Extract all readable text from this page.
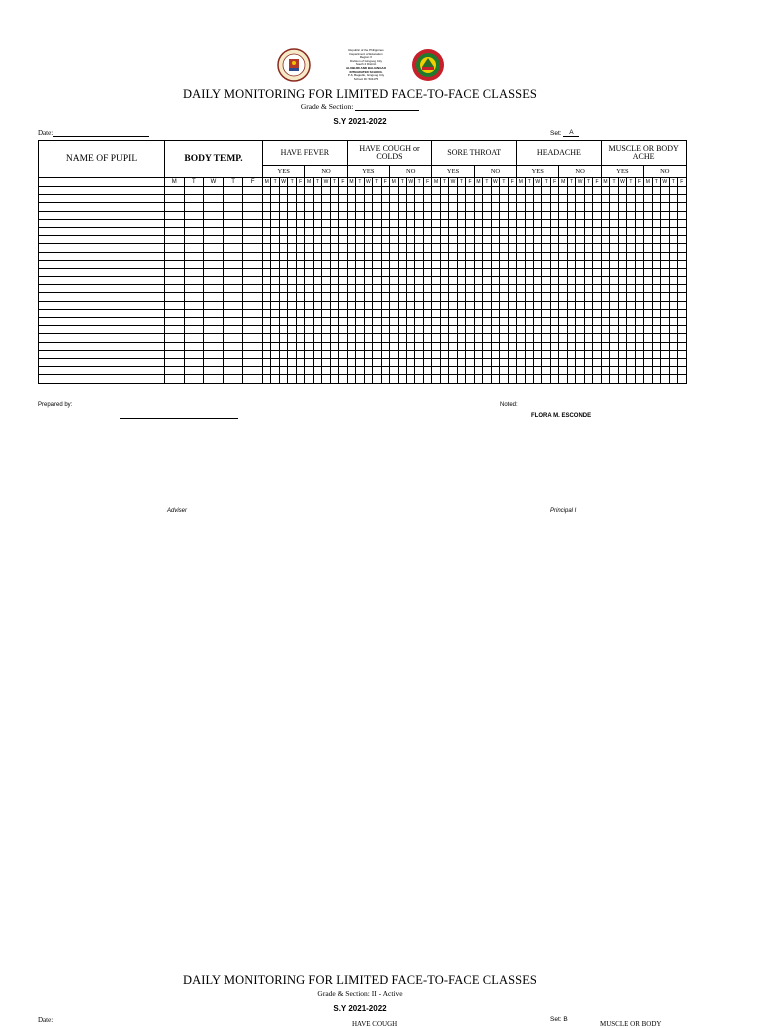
Republic of the Philippines
Department of Education
Region X
Division of Gingoog City
South 2 District
ALUBIJID AND BALIANGAO INTEGRATED SCHOOL
P-6, Bagudlo, Gingoog City
School ID: 501175
DAILY MONITORING FOR LIMITED FACE-TO-FACE CLASSES
Grade & Section:
S.Y 2021-2022
Date:	Set: A
NAME OF PUPIL	BODY TEMP.					HAVE FEVER										HAVE COUGH or COLDS										SORE THROAT										HEADACHE										MUSCLE OR BODY ACHE									
						YES					NO					YES					NO					YES					NO					YES					NO					YES					NO				
	M	T	W	T	F	M	T	W	T	F	M	T	W	T	F	M	T	W	T	F	M	T	W	T	F	M	T	W	T	F	M	T	W	T	F	M	T	W	T	F	M	T	W	T	F	M	T	W	T	F	M	T	W	T	F

Prepared by:	Noted:
FLORA M. ESCONDE
Adviser	Principal I
DAILY MONITORING FOR LIMITED FACE-TO-FACE CLASSES
Grade & Section: II - Active
S.Y 2021-2022
Date:	Set: B
HAVE COUGH	MUSCLE OR BODY
